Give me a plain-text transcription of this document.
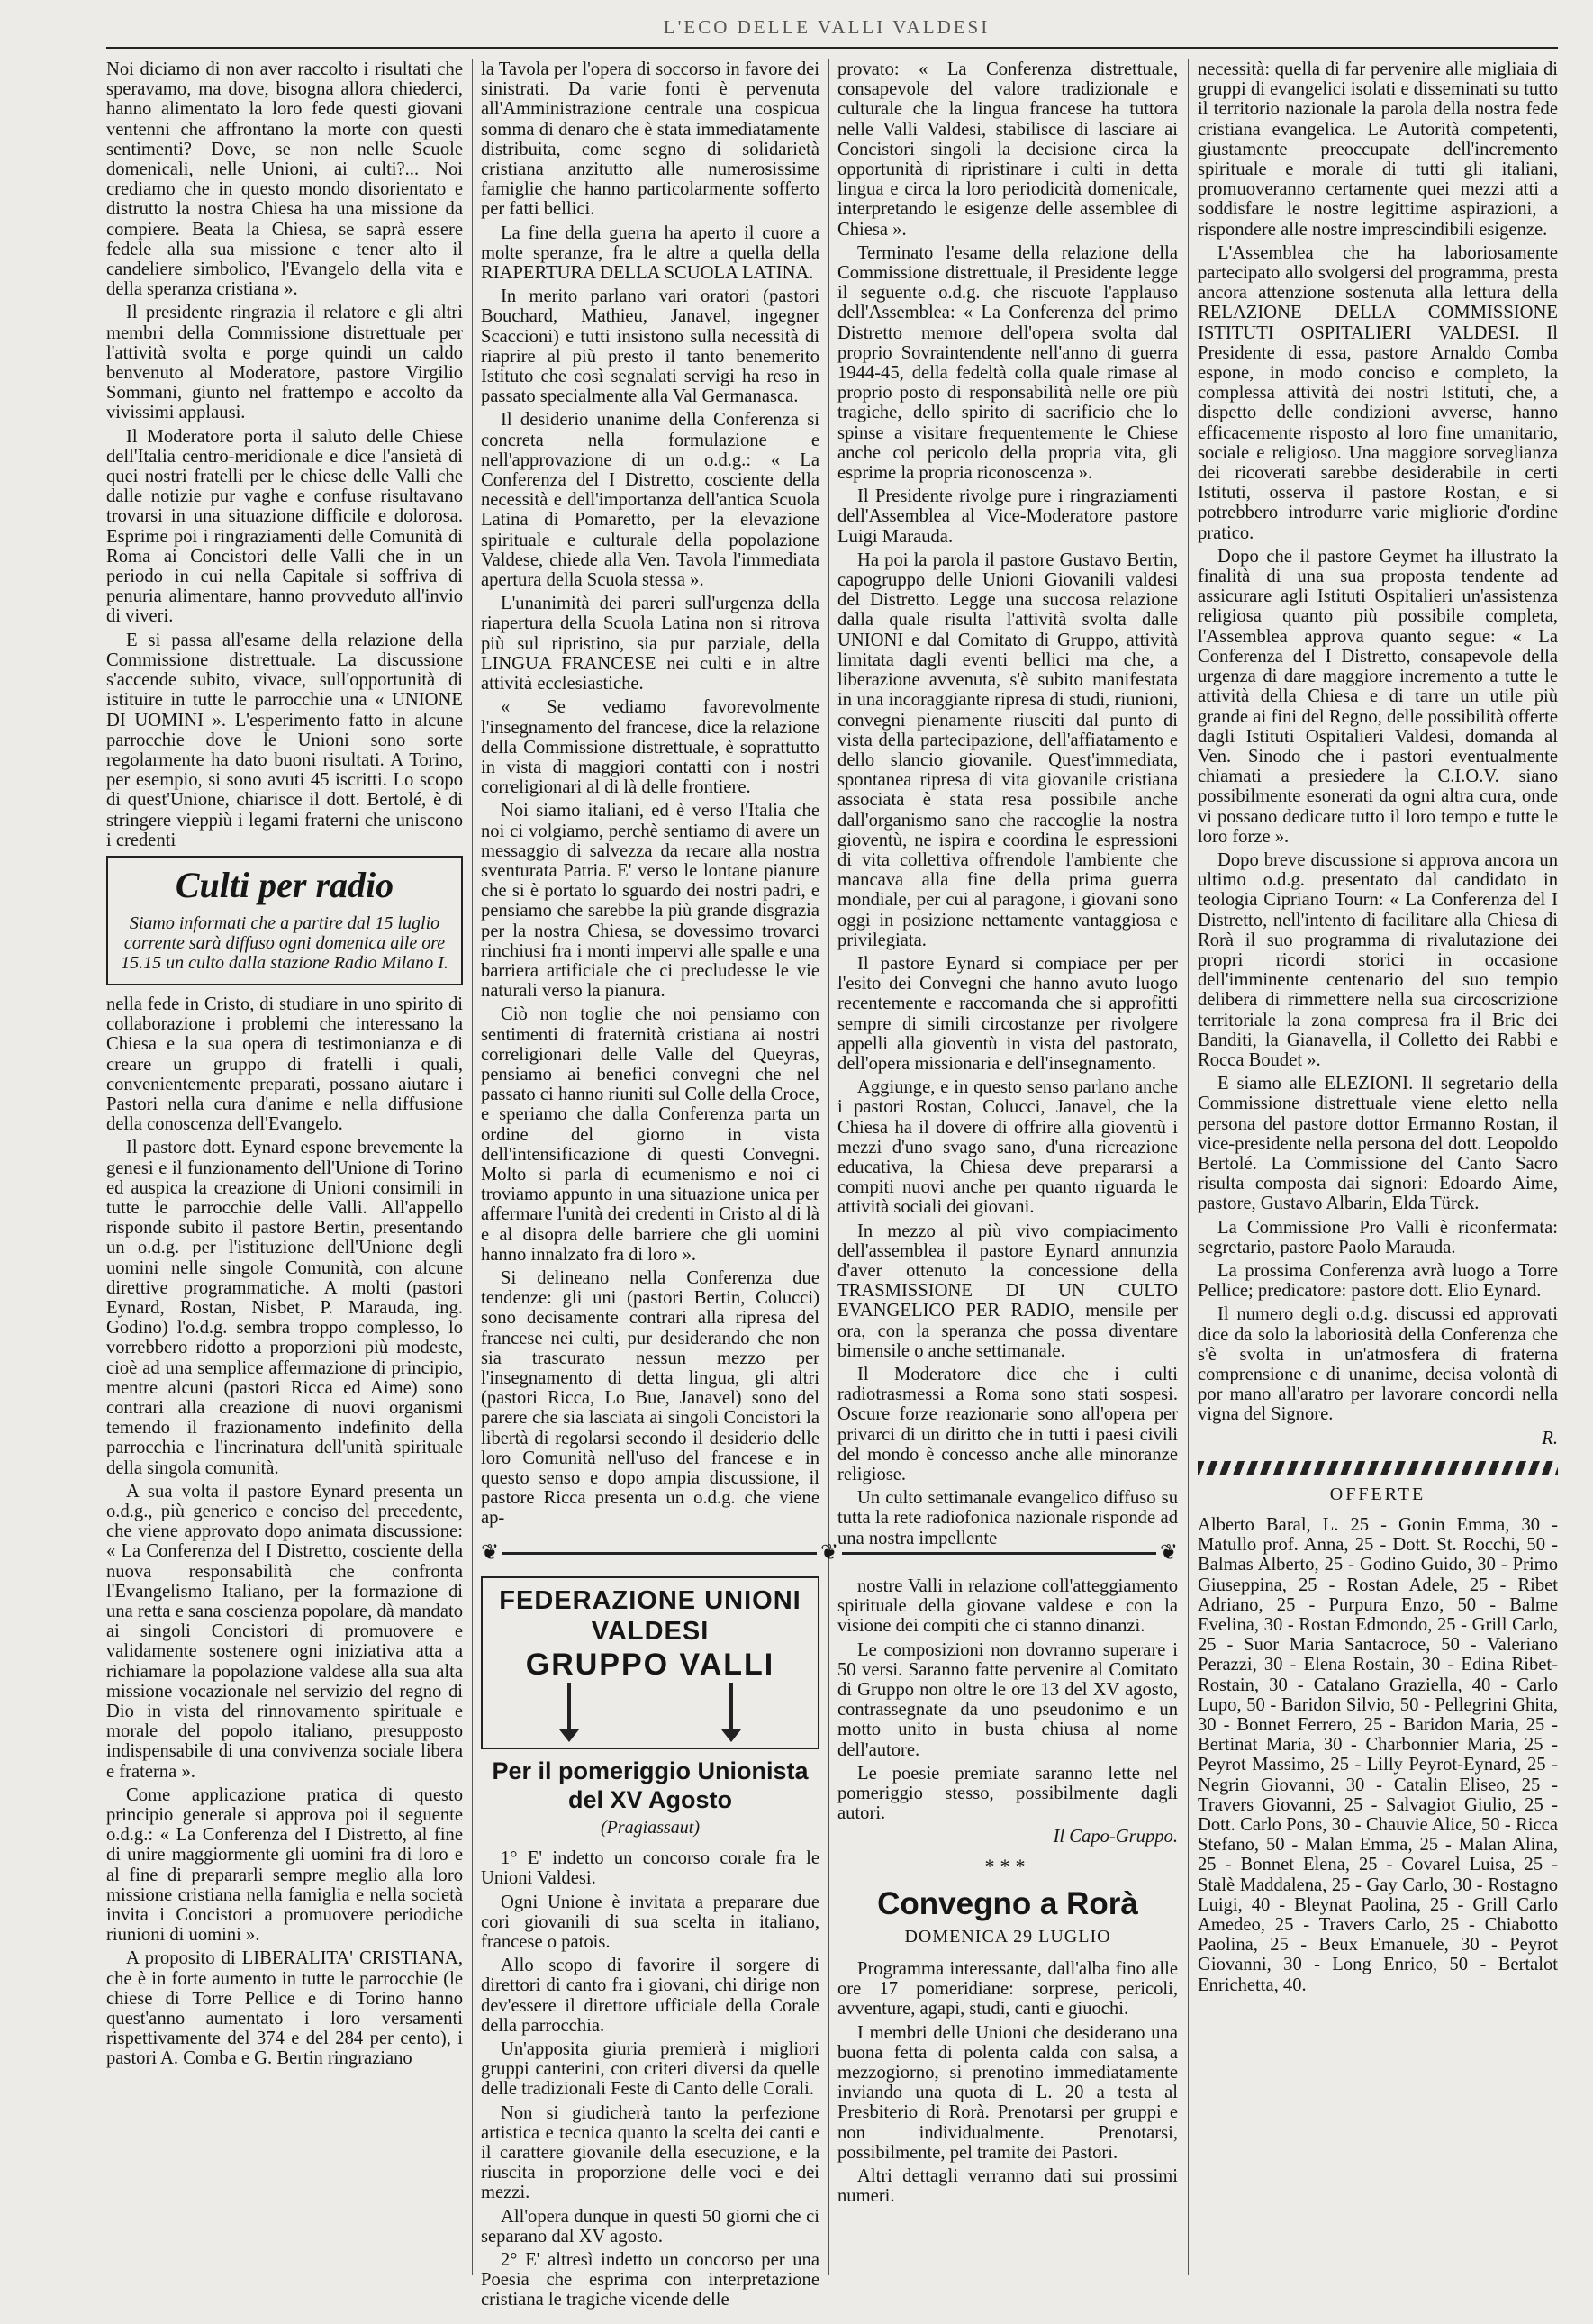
L'ECO DELLE VALLI VALDESI

Noi diciamo di non aver raccolto i risultati che speravamo, ma dove, bisogna allora chiederci, hanno alimentato la loro fede questi giovani ventenni che affrontano la morte con questi sentimenti? Dove, se non nelle Scuole domenicali, nelle Unioni, ai culti?... Noi crediamo che in questo mondo disorientato e distrutto la nostra Chiesa ha una missione da compiere. Beata la Chiesa, se saprà essere fedele alla sua missione e tener alto il candeliere simbolico, l'Evangelo della vita e della speranza cristiana ».

Il presidente ringrazia il relatore e gli altri membri della Commissione distrettuale per l'attività svolta e porge quindi un caldo benvenuto al Moderatore, pastore Virgilio Sommani, giunto nel frattempo e accolto da vivissimi applausi.

Il Moderatore porta il saluto delle Chiese dell'Italia centro-meridionale e dice l'ansietà di quei nostri fratelli per le chiese delle Valli che dalle notizie pur vaghe e confuse risultavano trovarsi in una situazione difficile e dolorosa. Esprime poi i ringraziamenti delle Comunità di Roma ai Concistori delle Valli che in un periodo in cui nella Capitale si soffriva di penuria alimentare, hanno provveduto all'invio di viveri.

E si passa all'esame della relazione della Commissione distrettuale. La discussione s'accende subito, vivace, sull'opportunità di istituire in tutte le parrocchie una « UNIONE DI UOMINI ». L'esperimento fatto in alcune parrocchie dove le Unioni sono sorte regolarmente ha dato buoni risultati. A Torino, per esempio, si sono avuti 45 iscritti. Lo scopo di quest'Unione, chiarisce il dott. Bertolé, è di stringere vieppiù i legami fraterni che uniscono i credenti

Culti per radio
Siamo informati che a partire dal 15 luglio corrente sarà diffuso ogni domenica alle ore 15.15 un culto dalla stazione Radio Milano I.

nella fede in Cristo, di studiare in uno spirito di collaborazione i problemi che interessano la Chiesa e la sua opera di testimonianza e di creare un gruppo di fratelli i quali, convenientemente preparati, possano aiutare i Pastori nella cura d'anime e nella diffusione della conoscenza dell'Evangelo.

Il pastore dott. Eynard espone brevemente la genesi e il funzionamento dell'Unione di Torino ed auspica la creazione di Unioni consimili in tutte le parrocchie delle Valli. All'appello risponde subito il pastore Bertin, presentando un o.d.g. per l'istituzione dell'Unione degli uomini nelle singole Comunità, con alcune direttive programmatiche. A molti (pastori Eynard, Rostan, Nisbet, P. Marauda, ing. Godino) l'o.d.g. sembra troppo complesso, lo vorrebbero ridotto a proporzioni più modeste, cioè ad una semplice affermazione di principio, mentre alcuni (pastori Ricca ed Aime) sono contrari alla creazione di nuovi organismi temendo il frazionamento indefinito della parrocchia e l'incrinatura dell'unità spirituale della singola comunità.

A sua volta il pastore Eynard presenta un o.d.g., più generico e conciso del precedente, che viene approvato dopo animata discussione: « La Conferenza del I Distretto, cosciente della nuova responsabilità che confronta l'Evangelismo Italiano, per la formazione di una retta e sana coscienza popolare, dà mandato ai singoli Concistori di promuovere e validamente sostenere ogni iniziativa atta a richiamare la popolazione valdese alla sua alta missione vocazionale nel servizio del regno di Dio in vista del rinnovamento spirituale e morale del popolo italiano, presupposto indispensabile di una convivenza sociale libera e fraterna ».

Come applicazione pratica di questo principio generale si approva poi il seguente o.d.g.: « La Conferenza del I Distretto, al fine di unire maggiormente gli uomini fra di loro e al fine di prepararli sempre meglio alla loro missione cristiana nella famiglia e nella società invita i Concistori a promuovere periodiche riunioni di uomini ».

A proposito di LIBERALITA' CRISTIANA, che è in forte aumento in tutte le parrocchie (le chiese di Torre Pellice e di Torino hanno quest'anno aumentato i loro versamenti rispettivamente del 374 e del 284 per cento), i pastori A. Comba e G. Bertin ringraziano

la Tavola per l'opera di soccorso in favore dei sinistrati. Da varie fonti è pervenuta all'Amministrazione centrale una cospicua somma di denaro che è stata immediatamente distribuita, come segno di solidarietà cristiana anzitutto alle numerosissime famiglie che hanno particolarmente sofferto per fatti bellici.

La fine della guerra ha aperto il cuore a molte speranze, fra le altre a quella della RIAPERTURA DELLA SCUOLA LATINA.

In merito parlano vari oratori (pastori Bouchard, Mathieu, Janavel, ingegner Scaccioni) e tutti insistono sulla necessità di riaprire al più presto il tanto benemerito Istituto che così segnalati servigi ha reso in passato specialmente alla Val Germanasca.

Il desiderio unanime della Conferenza si concreta nella formulazione e nell'approvazione di un o.d.g.: « La Conferenza del I Distretto, cosciente della necessità e dell'importanza dell'antica Scuola Latina di Pomaretto, per la elevazione spirituale e culturale della popolazione Valdese, chiede alla Ven. Tavola l'immediata apertura della Scuola stessa ».

L'unanimità dei pareri sull'urgenza della riapertura della Scuola Latina non si ritrova più sul ripristino, sia pur parziale, della LINGUA FRANCESE nei culti e in altre attività ecclesiastiche.

« Se vediamo favorevolmente l'insegnamento del francese, dice la relazione della Commissione distrettuale, è soprattutto in vista di maggiori contatti con i nostri correligionari al di là delle frontiere.

Noi siamo italiani, ed è verso l'Italia che noi ci volgiamo, perchè sentiamo di avere un messaggio di salvezza da recare alla nostra sventurata Patria. E' verso le lontane pianure che si è portato lo sguardo dei nostri padri, e pensiamo che sarebbe la più grande disgrazia per la nostra Chiesa, se dovessimo trovarci rinchiusi fra i monti impervi alle spalle e una barriera artificiale che ci precludesse le vie naturali verso la pianura.

Ciò non toglie che noi pensiamo con sentimenti di fraternità cristiana ai nostri correligionari delle Valle del Queyras, pensiamo ai benefici convegni che nel passato ci hanno riuniti sul Colle della Croce, e speriamo che dalla Conferenza parta un ordine del giorno in vista dell'intensificazione di questi Convegni. Molto si parla di ecumenismo e noi ci troviamo appunto in una situazione unica per affermare l'unità dei credenti in Cristo al di là e al disopra delle barriere che gli uomini hanno innalzato fra di loro ».

Si delineano nella Conferenza due tendenze: gli uni (pastori Bertin, Colucci) sono decisamente contrari alla ripresa del francese nei culti, pur desiderando che non sia trascurato nessun mezzo per l'insegnamento di detta lingua, gli altri (pastori Ricca, Lo Bue, Janavel) sono del parere che sia lasciata ai singoli Concistori la libertà di regolarsi secondo il desiderio delle loro Comunità nell'uso del francese e in questo senso e dopo ampia discussione, il pastore Ricca presenta un o.d.g. che viene ap-

provato: « La Conferenza distrettuale, consapevole del valore tradizionale e culturale che la lingua francese ha tuttora nelle Valli Valdesi, stabilisce di lasciare ai Concistori singoli la decisione circa la opportunità di ripristinare i culti in detta lingua e circa la loro periodicità domenicale, interpretando le esigenze delle assemblee di Chiesa ».

Terminato l'esame della relazione della Commissione distrettuale, il Presidente legge il seguente o.d.g. che riscuote l'applauso dell'Assemblea: « La Conferenza del primo Distretto memore dell'opera svolta dal proprio Sovraintendente nell'anno di guerra 1944-45, della fedeltà colla quale rimase al proprio posto di responsabilità nelle ore più tragiche, dello spirito di sacrificio che lo spinse a visitare frequentemente le Chiese anche col pericolo della propria vita, gli esprime la propria riconoscenza ».

Il Presidente rivolge pure i ringraziamenti dell'Assemblea al Vice-Moderatore pastore Luigi Marauda.

Ha poi la parola il pastore Gustavo Bertin, capogruppo delle Unioni Giovanili valdesi del Distretto. Legge una succosa relazione dalla quale risulta l'attività svolta dalle UNIONI e dal Comitato di Gruppo, attività limitata dagli eventi bellici ma che, a liberazione avvenuta, s'è subito manifestata in una incoraggiante ripresa di studi, riunioni, convegni pienamente riusciti dal punto di vista della partecipazione, dell'affiatamento e dello slancio giovanile. Quest'immediata, spontanea ripresa di vita giovanile cristiana associata è stata resa possibile anche dall'organismo sano che raccoglie la nostra gioventù, ne ispira e coordina le espressioni di vita collettiva offrendole l'ambiente che mancava alla fine della prima guerra mondiale, per cui al paragone, i giovani sono oggi in posizione nettamente vantaggiosa e privilegiata.

Il pastore Eynard si compiace per per l'esito dei Convegni che hanno avuto luogo recentemente e raccomanda che si approfitti sempre di simili circostanze per rivolgere appelli alla gioventù in vista del pastorato, dell'opera missionaria e dell'insegnamento.

Aggiunge, e in questo senso parlano anche i pastori Rostan, Colucci, Janavel, che la Chiesa ha il dovere di offrire alla gioventù i mezzi d'uno svago sano, d'una ricreazione educativa, la Chiesa deve prepararsi a compiti nuovi anche per quanto riguarda le attività sociali dei giovani.

In mezzo al più vivo compiacimento dell'assemblea il pastore Eynard annunzia d'aver ottenuto la concessione della TRASMISSIONE DI UN CULTO EVANGELICO PER RADIO, mensile per ora, con la speranza che possa diventare bimensile o anche settimanale.

Il Moderatore dice che i culti radiotrasmessi a Roma sono stati sospesi. Oscure forze reazionarie sono all'opera per privarci di un diritto che in tutti i paesi civili del mondo è concesso anche alle minoranze religiose.

Un culto settimanale evangelico diffuso su tutta la rete radiofonica nazionale risponde ad una nostra impellente

necessità: quella di far pervenire alle migliaia di gruppi di evangelici isolati e disseminati su tutto il territorio nazionale la parola della nostra fede cristiana evangelica. Le Autorità competenti, giustamente preoccupate dell'incremento spirituale e morale di tutti gli italiani, promuoveranno certamente quei mezzi atti a soddisfare le nostre legittime aspirazioni, a rispondere alle nostre imprescindibili esigenze.

L'Assemblea che ha laboriosamente partecipato allo svolgersi del programma, presta ancora attenzione sostenuta alla lettura della RELAZIONE DELLA COMMISSIONE ISTITUTI OSPITALIERI VALDESI. Il Presidente di essa, pastore Arnaldo Comba espone, in modo conciso e completo, la complessa attività dei nostri Istituti, che, a dispetto delle condizioni avverse, hanno efficacemente risposto al loro fine umanitario, sociale e religioso. Una maggiore sorveglianza dei ricoverati sarebbe desiderabile in certi Istituti, osserva il pastore Rostan, e si potrebbero introdurre varie migliorie d'ordine pratico.

Dopo che il pastore Geymet ha illustrato la finalità di una sua proposta tendente ad assicurare agli Istituti Ospitalieri un'assistenza religiosa quanto più possibile completa, l'Assemblea approva quanto segue: « La Conferenza del I Distretto, consapevole della urgenza di dare maggiore incremento a tutte le attività della Chiesa e di tarre un utile più grande ai fini del Regno, delle possibilità offerte dagli Istituti Ospitalieri Valdesi, domanda al Ven. Sinodo che i pastori eventualmente chiamati a presiedere la C.I.O.V. siano possibilmente esonerati da ogni altra cura, onde vi possano dedicare tutto il loro tempo e tutte le loro forze ».

Dopo breve discussione si approva ancora un ultimo o.d.g. presentato dal candidato in teologia Cipriano Tourn: « La Conferenza del I Distretto, nell'intento di facilitare alla Chiesa di Rorà il suo programma di rivalutazione dei propri ricordi storici in occasione dell'imminente centenario del suo tempio delibera di rimmettere nella sua circoscrizione territoriale la zona compresa fra il Bric dei Banditi, la Gianavella, il Colletto dei Rabbi e Rocca Boudet ».

E siamo alle ELEZIONI. Il segretario della Commissione distrettuale viene eletto nella persona del pastore dottor Ermanno Rostan, il vice-presidente nella persona del dott. Leopoldo Bertolé. La Commissione del Canto Sacro risulta composta dai signori: Edoardo Aime, pastore, Gustavo Albarin, Elda Türck.

La Commissione Pro Valli è riconfermata: segretario, pastore Paolo Marauda.

La prossima Conferenza avrà luogo a Torre Pellice; predicatore: pastore dott. Elio Eynard.

Il numero degli o.d.g. discussi ed approvati dice da solo la laboriosità della Conferenza che s'è svolta in un'atmosfera di fraterna comprensione e di unanime, decisa volontà di por mano all'aratro per lavorare concordi nella vigna del Signore.

R.
OFFERTE

Alberto Baral, L. 25 - Gonin Emma, 30 - Matullo prof. Anna, 25 - Dott. St. Rocchi, 50 - Balmas Alberto, 25 - Godino Guido, 30 - Primo Giuseppina, 25 - Rostan Adele, 25 - Ribet Adriano, 25 - Purpura Enzo, 50 - Balme Evelina, 30 - Rostan Edmondo, 25 - Grill Carlo, 25 - Suor Maria Santacroce, 50 - Valeriano Perazzi, 30 - Elena Rostain, 30 - Edina Ribet-Rostain, 30 - Catalano Graziella, 40 - Carlo Lupo, 50 - Baridon Silvio, 50 - Pellegrini Ghita, 30 - Bonnet Ferrero, 25 - Baridon Maria, 25 - Bertinat Maria, 30 - Charbonnier Maria, 25 - Peyrot Massimo, 25 - Lilly Peyrot-Eynard, 25 - Negrin Giovanni, 30 - Catalin Eliseo, 25 - Travers Giovanni, 25 - Salvagiot Giulio, 25 - Dott. Carlo Pons, 30 - Chauvie Alice, 50 - Ricca Stefano, 50 - Malan Emma, 25 - Malan Alina, 25 - Bonnet Elena, 25 - Covarel Luisa, 25 - Stalè Maddalena, 25 - Gay Carlo, 30 - Rostagno Luigi, 40 - Bleynat Paolina, 25 - Grill Carlo Amedeo, 25 - Travers Carlo, 25 - Chiabotto Paolina, 25 - Beux Emanuele, 30 - Peyrot Giovanni, 30 - Long Enrico, 50 - Bertalot Enrichetta, 40.

❦	❦	❦
FEDERAZIONE UNIONI VALDESI
GRUPPO VALLI
Per il pomeriggio Unionista del XV Agosto
(Pragiassaut)

1° E' indetto un concorso corale fra le Unioni Valdesi.

Ogni Unione è invitata a preparare due cori giovanili di sua scelta in italiano, francese o patois.

Allo scopo di favorire il sorgere di direttori di canto fra i giovani, chi dirige non dev'essere il direttore ufficiale della Corale della parrocchia.

Un'apposita giuria premierà i migliori gruppi canterini, con criteri diversi da quelle delle tradizionali Feste di Canto delle Corali.

Non si giudicherà tanto la perfezione artistica e tecnica quanto la scelta dei canti e il carattere giovanile della esecuzione, e la riuscita in proporzione delle voci e dei mezzi.

All'opera dunque in questi 50 giorni che ci separano dal XV agosto.

2° E' altresì indetto un concorso per una Poesia che esprima con interpretazione cristiana le tragiche vicende delle

nostre Valli in relazione coll'atteggiamento spirituale della giovane valdese e con la visione dei compiti che ci stanno dinanzi.

Le composizioni non dovranno superare i 50 versi. Saranno fatte pervenire al Comitato di Gruppo non oltre le ore 13 del XV agosto, contrassegnate da uno pseudonimo e un motto unito in busta chiusa al nome dell'autore.

Le poesie premiate saranno lette nel pomeriggio stesso, possibilmente dagli autori.

Il Capo-Gruppo.
***
Convegno a Rorà
DOMENICA 29 LUGLIO

Programma interessante, dall'alba fino alle ore 17 pomeridiane: sorprese, pericoli, avventure, agapi, studi, canti e giuochi.

I membri delle Unioni che desiderano una buona fetta di polenta calda con salsa, a mezzogiorno, si prenotino immediatamente inviando una quota di L. 20 a testa al Presbiterio di Rorà. Prenotarsi per gruppi e non individualmente. Prenotarsi, possibilmente, pel tramite dei Pastori.

Altri dettagli verranno dati sui prossimi numeri.
